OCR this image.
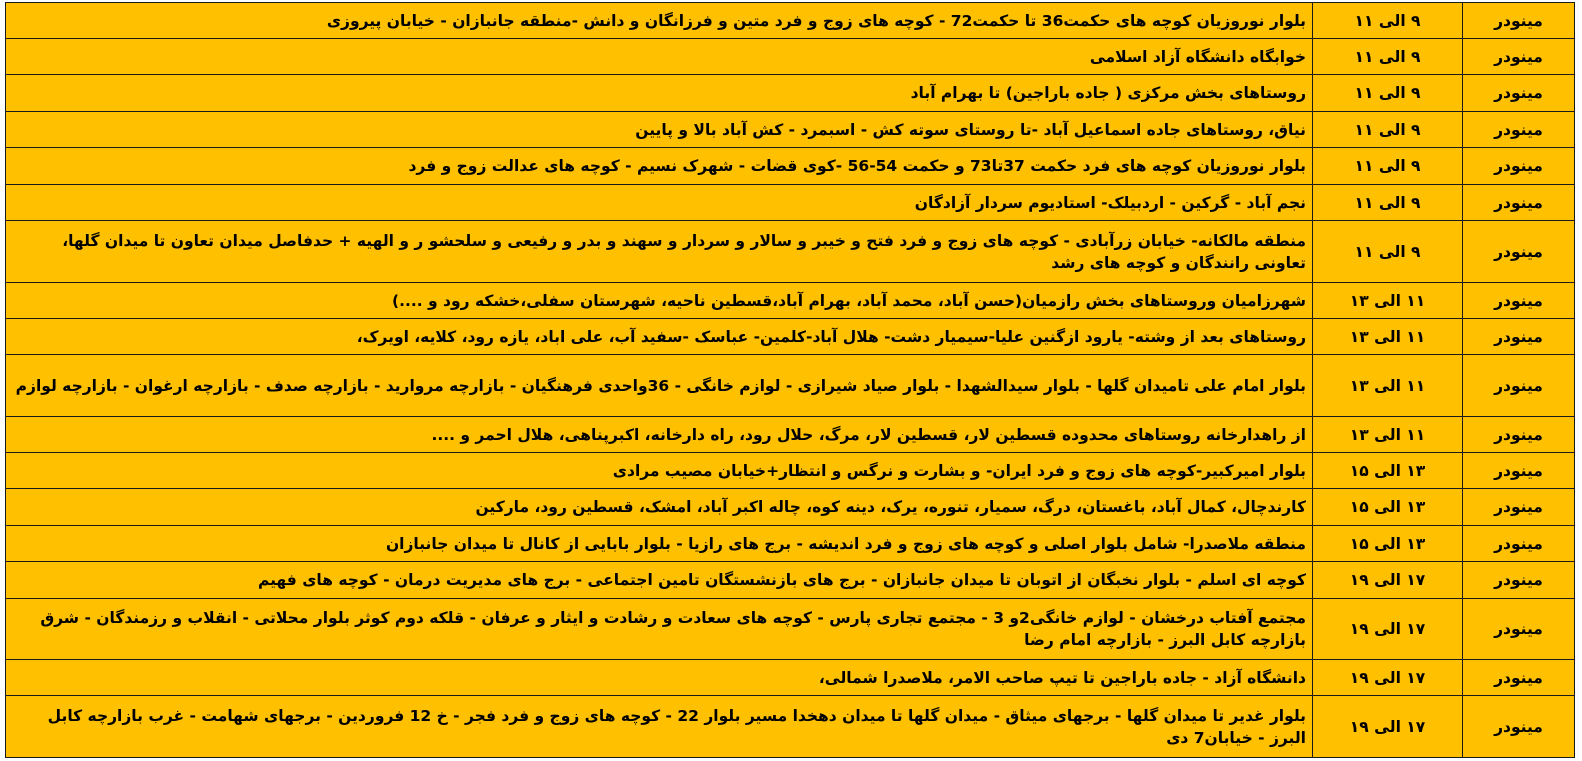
مینودر	۹ الی ۱۱	بلوار نوروزیان کوچه های حکمت36 تا حکمت72 - کوچه های زوج و فرد متین و فرزانگان و دانش -منطقه جانبازان - خیابان پیروزی
مینودر	۹ الی ۱۱	خوابگاه دانشگاه آزاد اسلامی
مینودر	۹ الی ۱۱	روستاهای بخش مرکزی ( جاده باراجین) تا بهرام آباد
مینودر	۹ الی ۱۱	نیاق، روستاهای جاده اسماعیل آباد -تا روستای سوته کش - اسبمرد - کش آباد بالا و پایین
مینودر	۹ الی ۱۱	بلوار نوروزیان کوچه های فرد حکمت 37تا73 و حکمت 54-56 -کوی قضات - شهرک نسیم - کوچه های عدالت زوج و فرد
مینودر	۹ الی ۱۱	نجم آباد - گرکین - اردبیلک- استادیوم سردار آزادگان
مینودر	۹ الی ۱۱	منطقه مالکانه- خیابان زرآبادی - کوچه های زوج و فرد فتح و خیبر و سالار و سردار و سهند و بدر و رفیعی و سلحشو ر و الهیه + حدفاصل میدان تعاون تا میدان گلها، تعاونی رانندگان و کوچه های رشد
مینودر	۱۱ الی ۱۳	شهرزامیان وروستاهای بخش رازمیان(حسن آباد، محمد آباد، بهرام آباد،قسطین ناحیه، شهرستان سفلی،خشکه رود و ....)
مینودر	۱۱ الی ۱۳	روستاهای بعد از وشته- یارود ازگنین علیا-سیمیار دشت- هلال آباد-کلمین- عباسک -سفید آب، علی اباد، یازه رود، کلایه، اویرک،
مینودر	۱۱ الی ۱۳	بلوار امام علی تامیدان گلها - بلوار سیدالشهدا - بلوار صیاد شیرازی - لوازم خانگی - 36واحدی فرهنگیان - بازارچه مروارید - بازارچه صدف - بازارچه ارغوان - بازارچه لوازم
مینودر	۱۱ الی ۱۳	از راهدارخانه روستاهای محدوده قسطین لار، قسطین لار، مرگ، حلال رود، راه دارخانه، اکبرپناهی، هلال احمر و ....
مینودر	۱۳ الی ۱۵	بلوار امیرکبیر-کوچه های زوج و فرد ایران- و بشارت و نرگس و انتظار+خیابان مصیب مرادی
مینودر	۱۳ الی ۱۵	کارندچال، کمال آباد، باغستان، درگ، سمیار، تنوره، یرک، دینه کوه، چاله اکبر آباد، امشک، قسطین رود، مارکین
مینودر	۱۳ الی ۱۵	منطقه ملاصدرا- شامل بلوار اصلی و کوچه های زوج و فرد اندیشه - برج های رازیا - بلوار بابایی از کانال تا میدان جانبازان
مینودر	۱۷ الی ۱۹	کوچه ای اسلم - بلوار نخبگان از اتوبان تا میدان جانبازان - برج های بازنشستگان تامین اجتماعی - برج های مدیریت درمان - کوچه های فهیم
مینودر	۱۷ الی ۱۹	مجتمع آفتاب درخشان - لوازم خانگی2و 3 - مجتمع تجاری پارس - کوچه های سعادت و رشادت و ایثار و عرفان - قلکه دوم کوثر بلوار محلاتی - انقلاب و رزمندگان - شرق بازارچه کابل البرز - بازارچه امام رضا
مینودر	۱۷ الی ۱۹	دانشگاه آزاد - جاده باراجین تا تیپ صاحب الامر، ملاصدرا شمالی،
مینودر	۱۷ الی ۱۹	بلوار غدیر تا میدان گلها - برجهای میثاق - میدان گلها تا میدان دهخدا مسیر بلوار 22 - کوچه های زوج و فرد فجر - خ 12 فروردین - برجهای شهامت - غرب بازارچه کابل البرز - خیابان7 دی
